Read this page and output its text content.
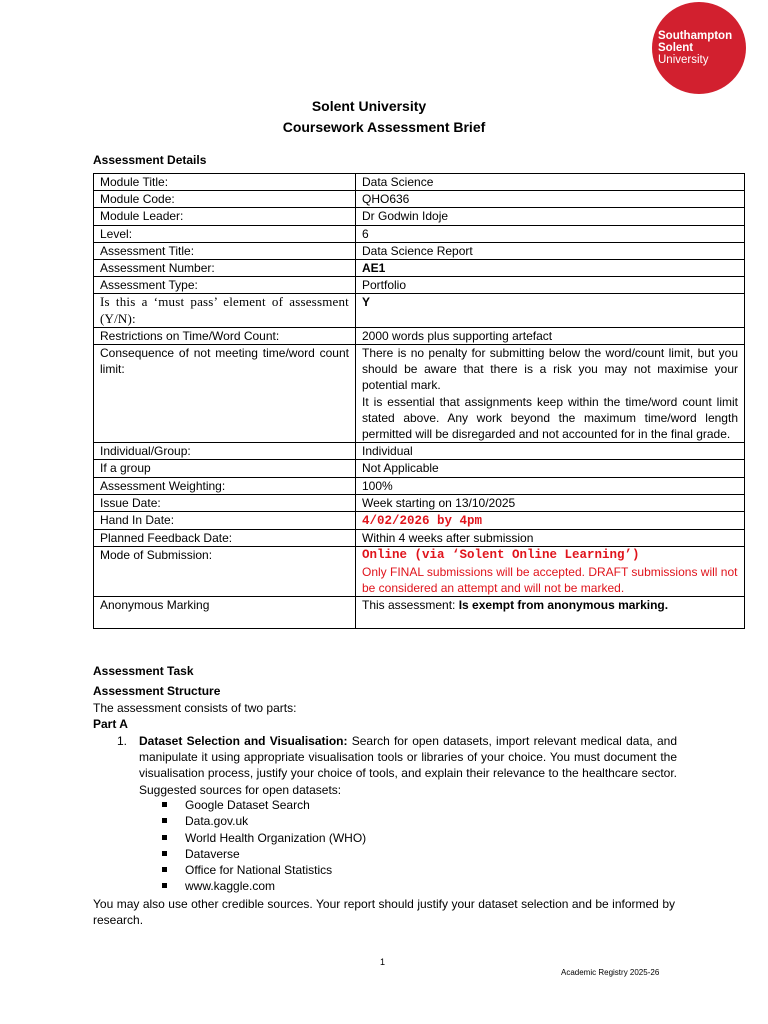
Southampton
Solent
University
Solent University
Coursework Assessment Brief
Assessment Details
Module Title:	Data Science
Module Code:	QHO636
Module Leader:	Dr Godwin Idoje
Level:	6
Assessment Title:	Data Science Report
Assessment Number:	AE1
Assessment Type:	Portfolio
Is this a ‘must pass’ element of assessment (Y/N):	Y
Restrictions on Time/Word Count:	2000 words plus supporting artefact
Consequence of not meeting time/word count limit:	There is no penalty for submitting below the word/count limit, but you should be aware that there is a risk you may not maximise your potential mark.
It is essential that assignments keep within the time/word count limit stated above. Any work beyond the maximum time/word length permitted will be disregarded and not accounted for in the final grade.

Individual/Group:	Individual
If a group	Not Applicable
Assessment Weighting:	100%
Issue Date:	Week starting on 13/10/2025
Hand In Date:	4/02/2026 by 4pm
Planned Feedback Date:	Within 4 weeks after submission
Mode of Submission:	Online (via ‘Solent Online Learning’)
Only FINAL submissions will be accepted. DRAFT submissions will not be considered an attempt and will not be marked.

Anonymous Marking	This assessment: Is exempt from anonymous marking.
Assessment Task
Assessment Structure
The assessment consists of two parts:
Part A
1. Dataset Selection and Visualisation: Search for open datasets, import relevant medical data, and manipulate it using appropriate visualisation tools or libraries of your choice. You must document the visualisation process, justify your choice of tools, and explain their relevance to the healthcare sector. Suggested sources for open datasets:
Google Dataset Search
Data.gov.uk
World Health Organization (WHO)
Dataverse
Office for National Statistics
www.kaggle.com
You may also use other credible sources. Your report should justify your dataset selection and be informed by research.
1
Academic Registry 2025-26
